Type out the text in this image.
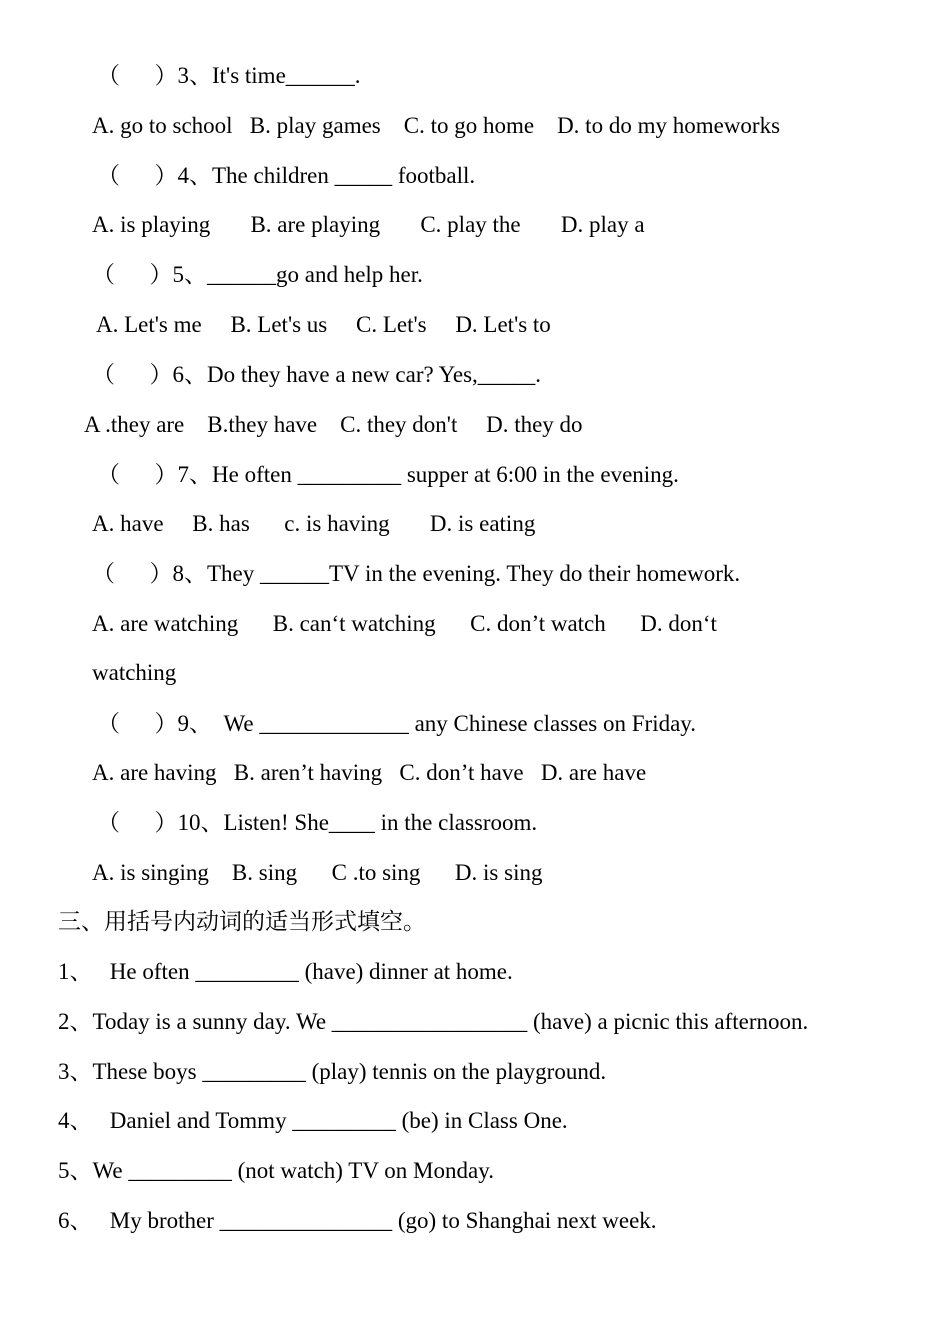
（      ）3、It's time______.
A. go to school   B. play games    C. to go home    D. to do my homeworks
（      ）4、The children _____ football.
A. is playing       B. are playing       C. play the       D. play a
（      ）5、______go and help her.
A. Let's me     B. Let's us     C. Let's     D. Let's to
（      ）6、Do they have a new car? Yes,_____.
A .they are    B.they have    C. they don't     D. they do
（      ）7、He often _________ supper at 6:00 in the evening.
A. have     B. has      c. is having       D. is eating
（      ）8、They ______TV in the evening. They do their homework.
A. are watching      B. can‘t watching      C. don’t watch      D. don‘t
watching
（      ）9、  We _____________ any Chinese classes on Friday.
A. are having   B. aren’t having   C. don’t have   D. are have
（      ）10、Listen! She____ in the classroom.
A. is singing    B. sing      C .to sing      D. is sing
三、用括号内动词的适当形式填空。
1、   He often _________ (have) dinner at home.
2、Today is a sunny day. We _________________ (have) a picnic this afternoon.
3、These boys _________ (play) tennis on the playground.
4、   Daniel and Tommy _________ (be) in Class One.
5、We _________ (not watch) TV on Monday.
6、   My brother _______________ (go) to Shanghai next week.
